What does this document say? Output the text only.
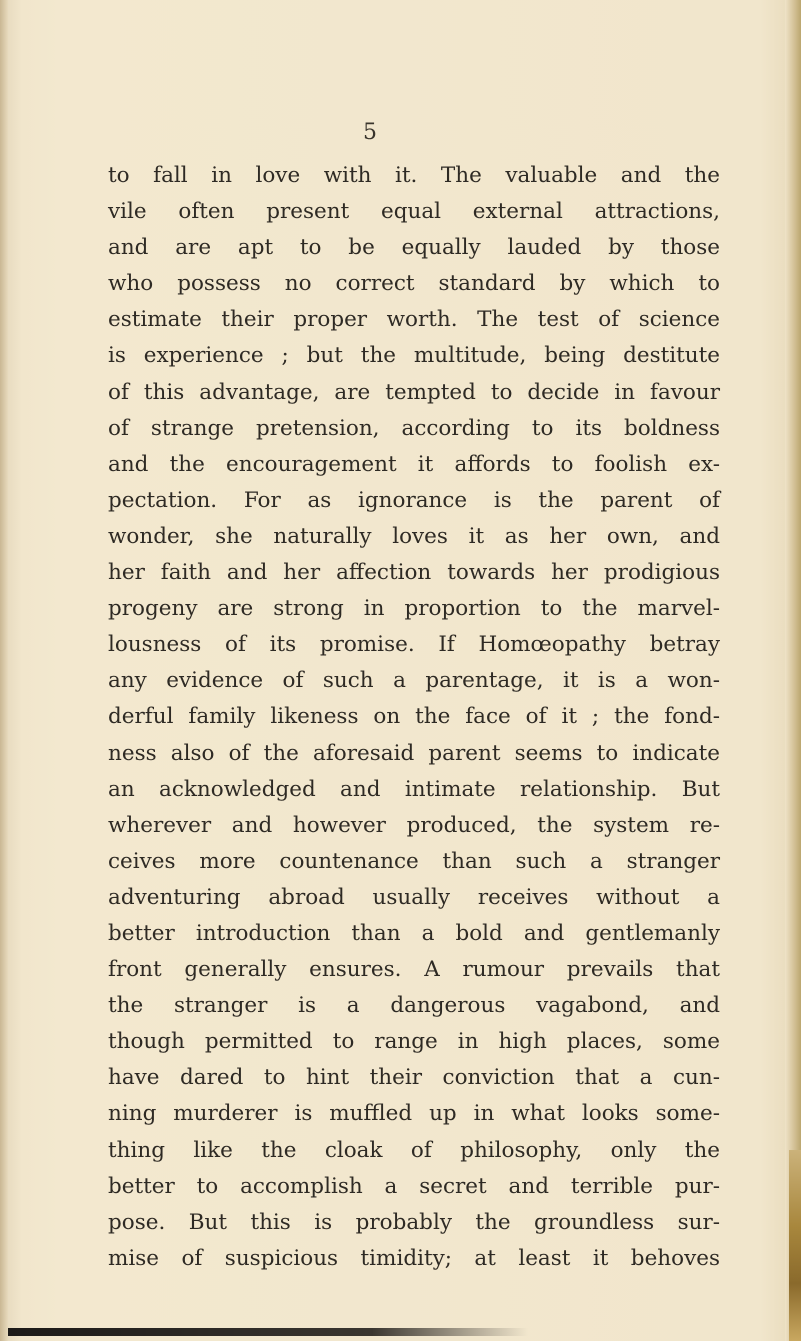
5
to fall in love with it. The valuable and the
vile often present equal external attractions,
and are apt to be equally lauded by those
who possess no correct standard by which to
estimate their proper worth. The test of science
is experience ; but the multitude, being destitute
of this advantage, are tempted to decide in favour
of strange pretension, according to its boldness
and the encouragement it affords to foolish ex-
pectation. For as ignorance is the parent of
wonder, she naturally loves it as her own, and
her faith and her affection towards her prodigious
progeny are strong in proportion to the marvel-
lousness of its promise. If Homœopathy betray
any evidence of such a parentage, it is a won-
derful family likeness on the face of it ; the fond-
ness also of the aforesaid parent seems to indicate
an acknowledged and intimate relationship. But
wherever and however produced, the system re-
ceives more countenance than such a stranger
adventuring abroad usually receives without a
better introduction than a bold and gentlemanly
front generally ensures. A rumour prevails that
the stranger is a dangerous vagabond, and
though permitted to range in high places, some
have dared to hint their conviction that a cun-
ning murderer is muffled up in what looks some-
thing like the cloak of philosophy, only the
better to accomplish a secret and terrible pur-
pose. But this is probably the groundless sur-
mise of suspicious timidity; at least it behoves
